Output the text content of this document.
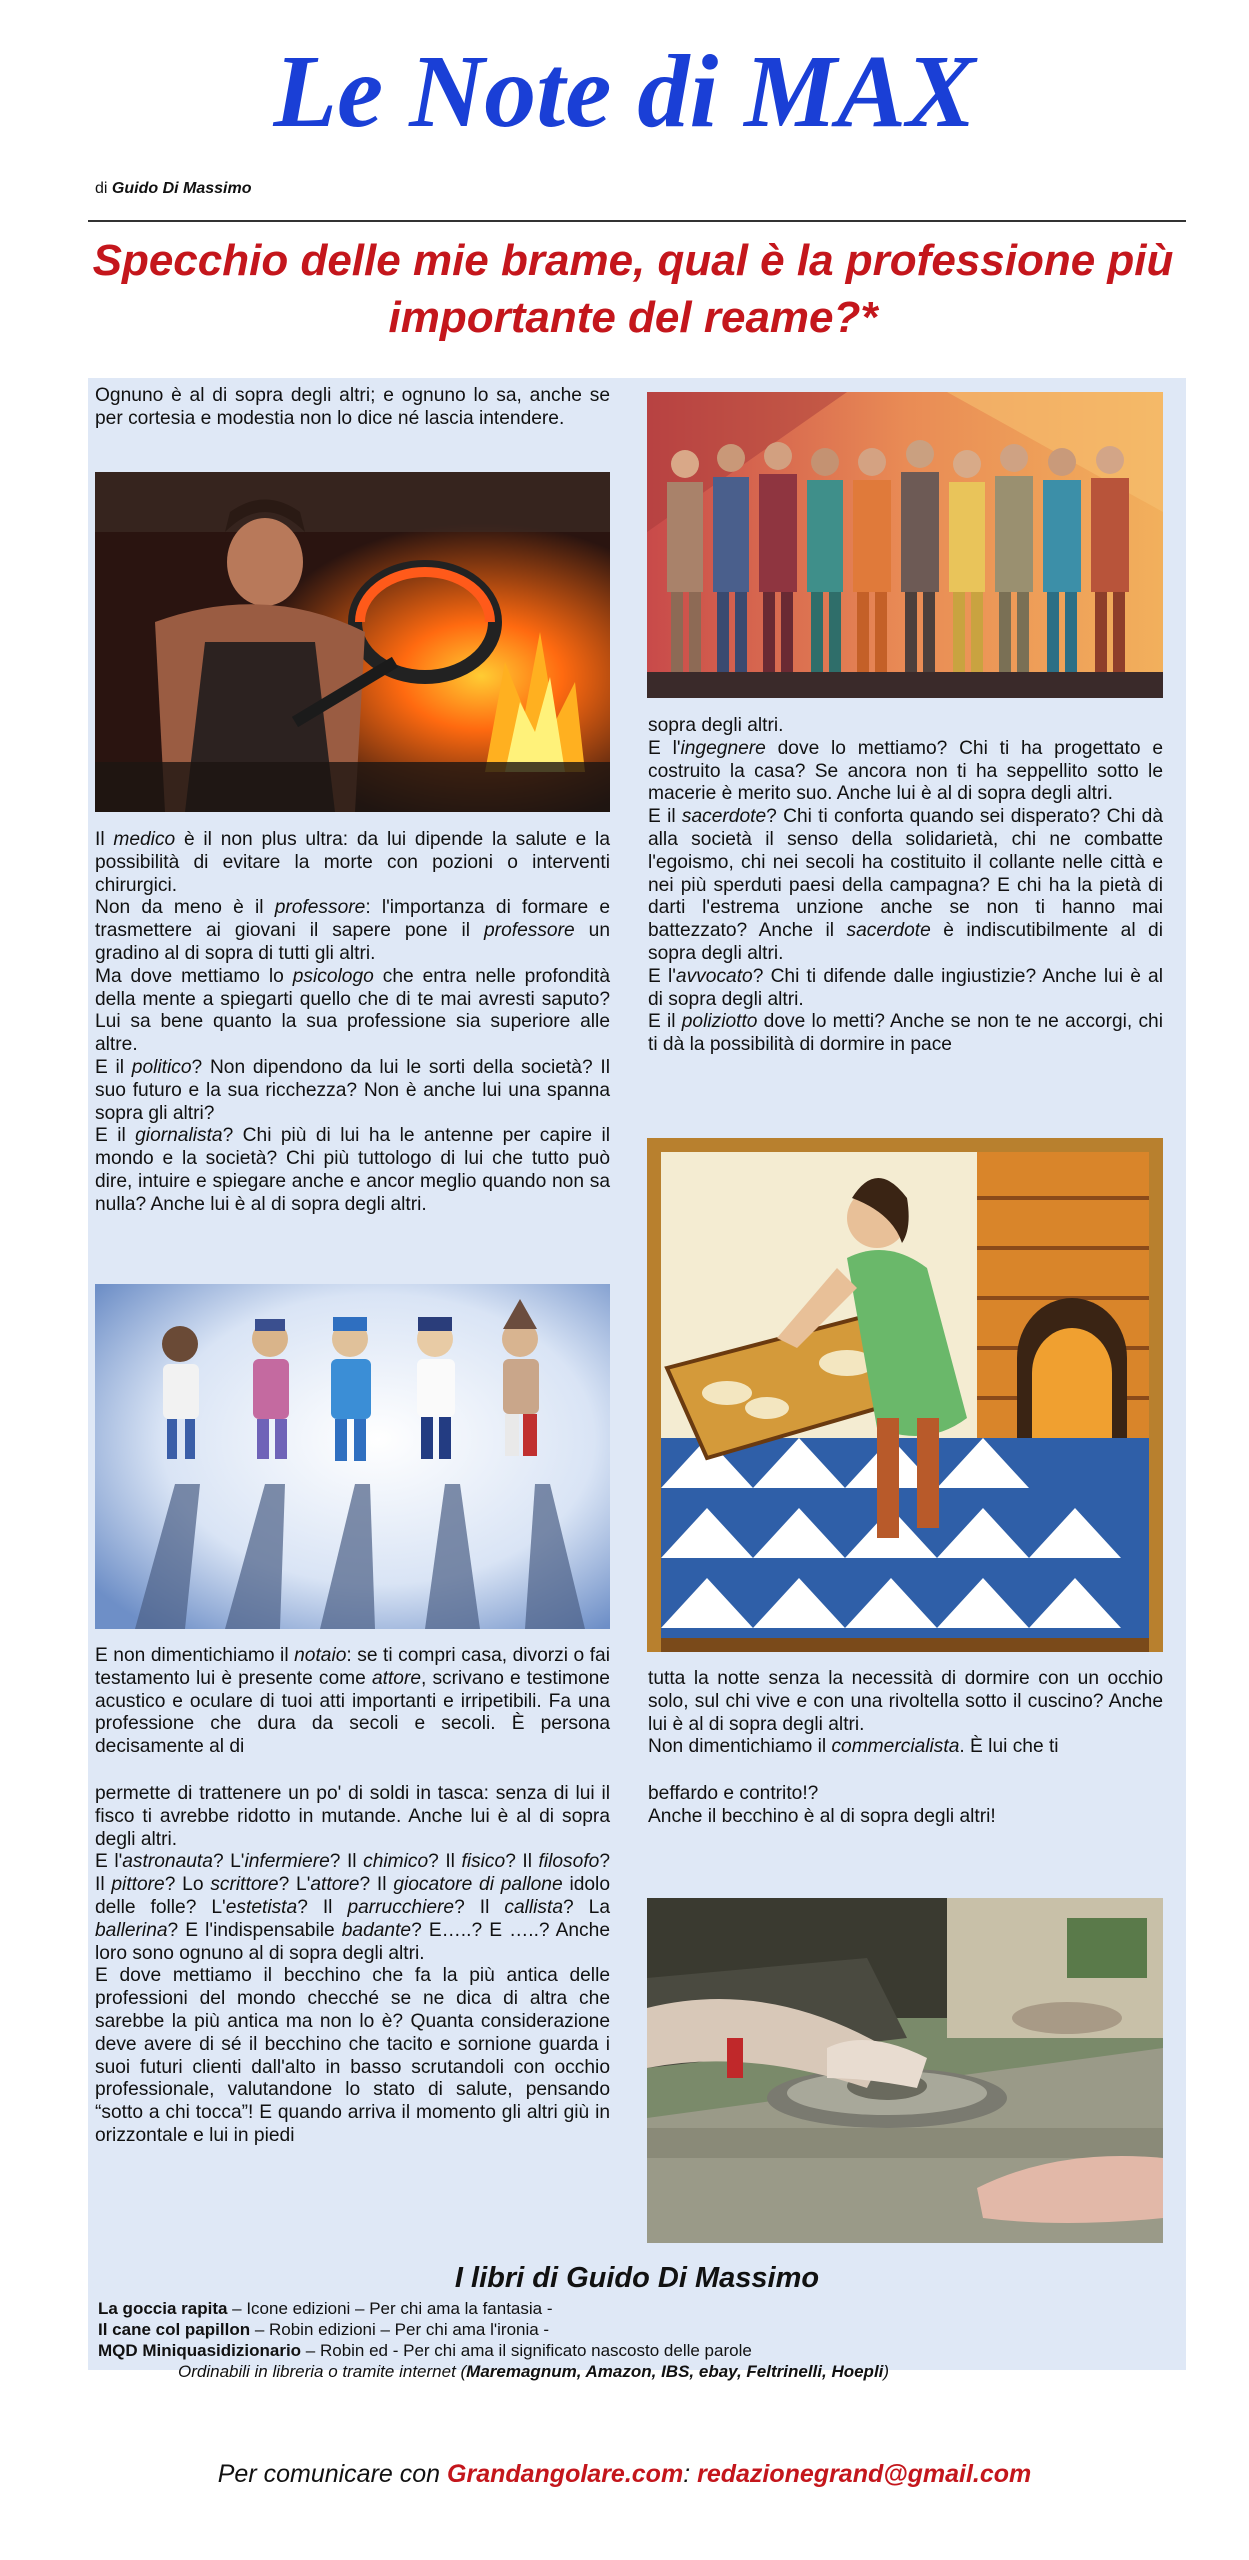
Le Note di MAX
di Guido Di Massimo
Specchio delle mie brame, qual è la professione più importante del reame?*

Ognuno è al di sopra degli altri; e ognuno lo sa, anche se per cortesia e modestia non lo dice né lascia intendere.

Il medico è il non plus ultra: da lui dipende la salute e la possibilità di evitare la morte con pozioni o interventi chirurgici.

Non da meno è il professore: l'importanza di formare e trasmettere ai giovani il sapere pone il professore un gradino al di sopra di tutti gli altri.

Ma dove mettiamo lo psicologo che entra nelle profondità della mente a spiegarti quello che di te mai avresti saputo? Lui sa bene quanto la sua professione sia superiore alle altre.

E il politico? Non dipendono da lui le sorti della società? Il suo futuro e la sua ricchezza? Non è anche lui una spanna sopra gli altri?

E il giornalista? Chi più di lui ha le antenne per capire il mondo e la società? Chi più tuttologo di lui che tutto può dire, intuire e spiegare anche e ancor meglio quando non sa nulla? Anche lui è al di sopra degli altri.

E non dimentichiamo il notaio: se ti compri casa, divorzi o fai testamento lui è presente come attore, scrivano e testimone acustico e oculare di tuoi atti importanti e irripetibili. Fa una professione che dura da secoli e secoli. È persona decisamente al di

sopra degli altri.

E l'ingegnere dove lo mettiamo? Chi ti ha progettato e costruito la casa? Se ancora non ti ha seppellito sotto le macerie è merito suo. Anche lui è al di sopra degli altri.

E il sacerdote? Chi ti conforta quando sei disperato? Chi dà alla società il senso della solidarietà, chi ne combatte l'egoismo, chi nei secoli ha costituito il collante nelle città e nei più sperduti paesi della campagna? E chi ha la pietà di darti l'estrema unzione anche se non ti hanno mai battezzato? Anche il sacerdote è indiscutibilmente al di sopra degli altri.

E l'avvocato? Chi ti difende dalle ingiustizie? Anche lui è al di sopra degli altri.

E il poliziotto dove lo metti? Anche se non te ne accorgi, chi ti dà la possibilità di dormire in pace

tutta la notte senza la necessità di dormire con un occhio solo, sul chi vive e con una rivoltella sotto il cuscino? Anche lui è al di sopra degli altri.

Non dimentichiamo il commercialista. È lui che ti

permette di trattenere un po' di soldi in tasca: senza di lui il fisco ti avrebbe ridotto in mutande. Anche lui è al di sopra degli altri.

E l'astronauta? L'infermiere? Il chimico? Il fisico? Il filosofo? Il pittore? Lo scrittore? L'attore? Il giocatore di pallone idolo delle folle? L'estetista? Il parrucchiere? Il callista? La ballerina? E l'indispensabile badante? E…..? E …..? Anche loro sono ognuno al di sopra degli altri.

E dove mettiamo il becchino che fa la più antica delle professioni del mondo checché se ne dica di altra che sarebbe la più antica ma non lo è? Quanta considerazione deve avere di sé il becchino che tacito e sornione guarda i suoi futuri clienti dall'alto in basso scrutandoli con occhio professionale, valutandone lo stato di salute, pensando “sotto a chi tocca”! E quando arriva il momento gli altri giù in orizzontale e lui in piedi

beffardo e contrito!?

Anche il becchino è al di sopra degli altri!

I libri di Guido Di Massimo
La goccia rapita – Icone edizioni – Per chi ama la fantasia -
Il cane col papillon – Robin edizioni – Per chi ama l'ironia -
MQD Miniquasidizionario – Robin ed - Per chi ama il significato nascosto delle parole
Ordinabili in libreria o tramite internet (Maremagnum, Amazon, IBS, ebay, Feltrinelli, Hoepli)
Per comunicare con Grandangolare.com: redazionegrand@gmail.com
